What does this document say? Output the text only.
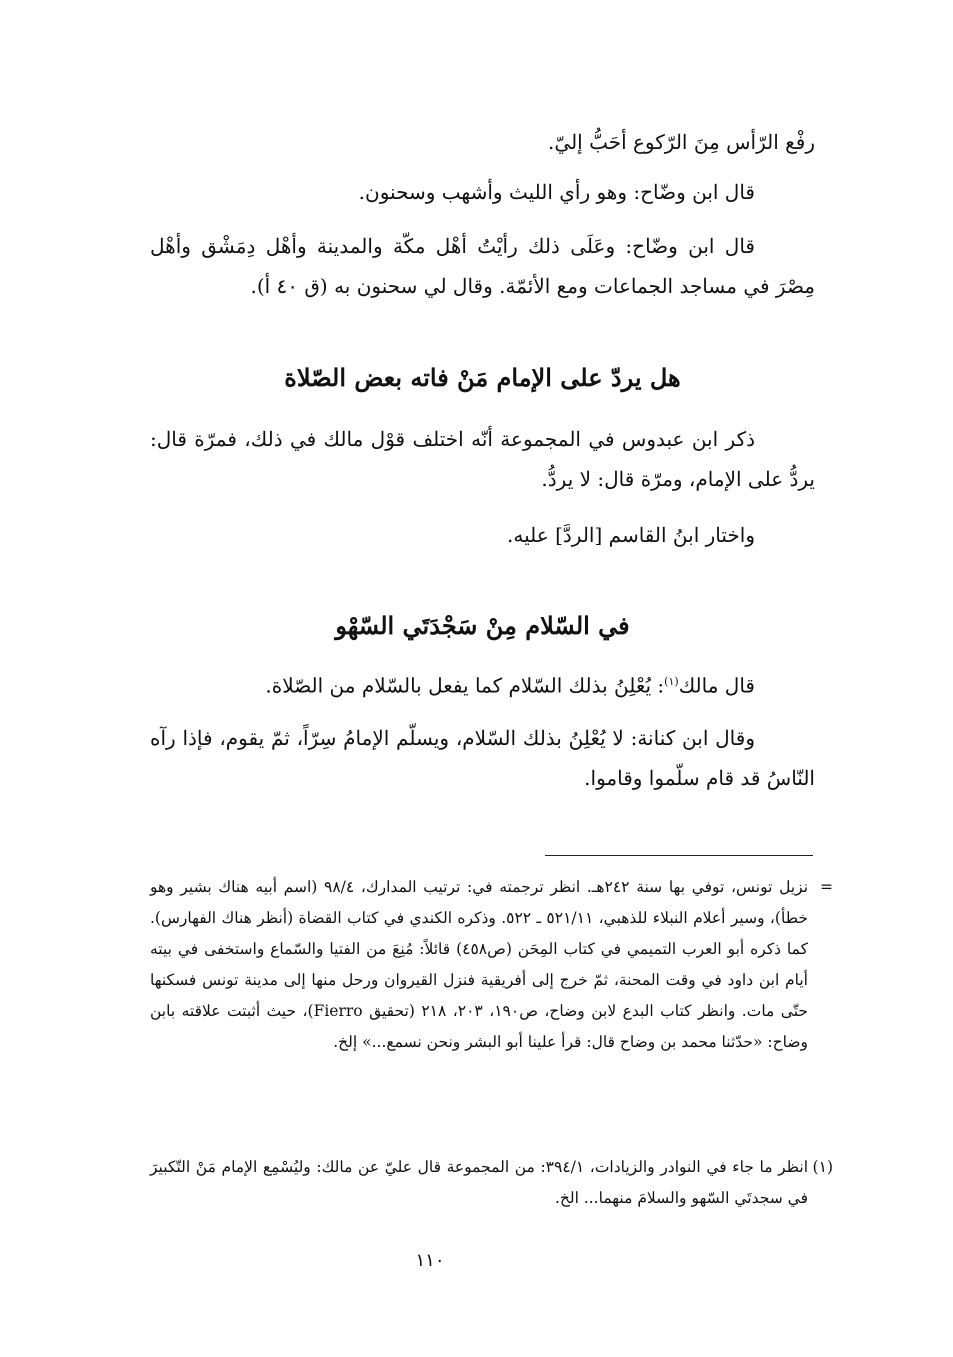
رفْع الرّأس مِنَ الرّكوع أحَبُّ إليّ.
قال ابن وضّاح: وهو رأي الليث وأشهب وسحنون.
قال ابن وضّاح: وعَلَى ذلك رأيْتُ أهْل مكّة والمدينة وأهْل دِمَشْق وأهْل مِصْرَ في مساجد الجماعات ومع الأئمّة. وقال لي سحنون به (ق ٤٠ أ).
هل يردّ على الإمام مَنْ فاته بعض الصّلاة
ذكر ابن عبدوس في المجموعة أنّه اختلف قوْل مالك في ذلك، فمرّة قال: يردُّ على الإمام، ومرّة قال: لا يردُّ.
واختار ابنُ القاسم [الردَّ] عليه.
في السّلام مِنْ سَجْدَتَي السّهْو
قال مالك$^{(١)}$: يُعْلِنُ بذلك السّلام كما يفعل بالسّلام من الصّلاة.
وقال ابن كنانة: لا يُعْلِنُ بذلك السّلام، ويسلّم الإمامُ سِرّاً، ثمّ يقوم، فإذا رآه النّاسُ قد قام سلّموا وقاموا.
=
نزيل تونس، توفي بها سنة ٢٤٢هـ. انظر ترجمته في: ترتيب المدارك، ٩٨/٤ (اسم أبيه هناك بشير وهو خطأ)، وسير أعلام النبلاء للذهبي، ٥٢١/١١ ـ ٥٢٢. وذكره الكندي في كتاب القضاة (أنظر هناك الفهارس). كما ذكره أبو العرب التميمي في كتاب المِحَن (ص٤٥٨) قائلاً: مُنِعَ من الفتيا والسّماع واستخفى في بيته أيام ابن داود في وقت المحنة، ثمّ خرج إلى أفريقية فنزل القيروان ورحل منها إلى مدينة تونس فسكنها حتّى مات. وانظر كتاب البدع لابن وضاح، ص١٩٠، ٢٠٣، ٢١٨ (تحقيق Fierro)، حيث أثبتت علاقته بابن وضاح: «حدّثنا محمد بن وضاح قال: قرأ علينا أبو البشر ونحن نسمع...» إلخ.
(١)
انظر ما جاء في النوادر والزيادات، ٣٩٤/١: من المجموعة قال عليّ عن مالك: وليُسْمِع الإمام مَنْ التّكبيرَ في سجدتَي السّهو والسلامَ منهما... الخ.
١١٠
